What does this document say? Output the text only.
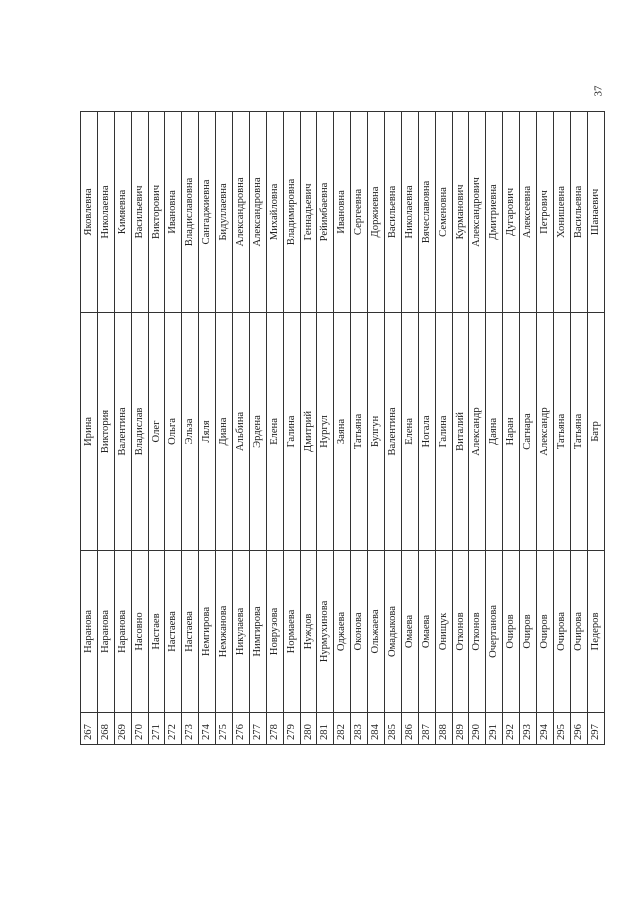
37
267	Наранова	Ирина	Яковлевна
268	Наранова	Виктория	Николаевна
269	Наранова	Валентина	Кимяевна
270	Насовно	Владислав	Васильевич
271	Настаев	Олег	Викторович
272	Настаева	Ольга	Ивановна
273	Настаева	Эльза	Владиславовна
274	Немгирова	Ляля	Сангаджиевна
275	Немжанова	Диана	Бидуллаевна
276	Никулаева	Альбина	Александровна
277	Нимгирова	Эрдена	Александровна
278	Новрузова	Елена	Михайловна
279	Нормаева	Галина	Владимировна
280	Нуждов	Дмитрий	Геннадьевич
281	Нурмухинова	Нургул	Рейимбаевна
282	Оджаева	Заяна	Ивановна
283	Оконова	Татьяна	Сергеевна
284	Ольжаева	Булгун	Доржиевна
285	Омадыкова	Валентина	Васильевна
286	Омаева	Елена	Николаевна
287	Омаева	Ногала	Вячеславовна
288	Онищук	Галина	Семеновна
289	Отконов	Виталий	Курманович
290	Отконов	Александр	Александрович
291	Очертанова	Даяна	Дмитриевна
292	Очиров	Наран	Дугарович
293	Очиров	Сагнара	Алексеевна
294	Очиров	Александр	Петрович
295	Очирова	Татьяна	Хонишевна
296	Очирова	Татьяна	Васильевна
297	Педеров	Батр	Шанаевич
